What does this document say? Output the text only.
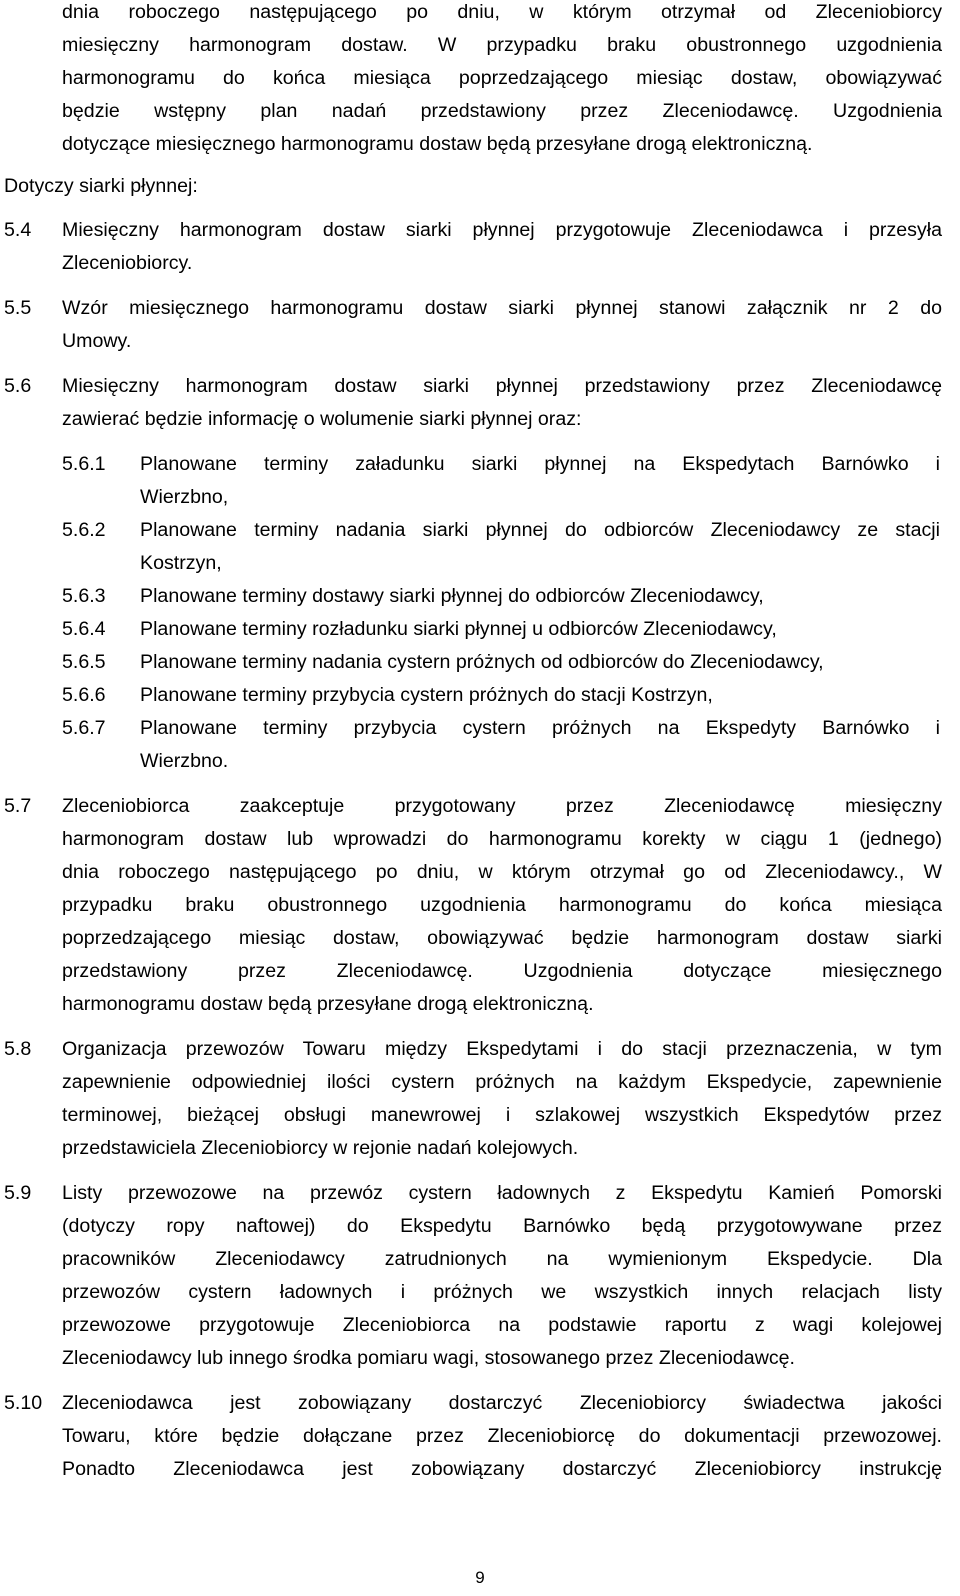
dnia roboczego następującego po dniu, w którym otrzymał od Zleceniobiorcy
miesięczny harmonogram dostaw. W przypadku braku obustronnego uzgodnienia
harmonogramu do końca miesiąca poprzedzającego miesiąc dostaw, obowiązywać
będzie wstępny plan nadań przedstawiony przez Zleceniodawcę. Uzgodnienia
dotyczące miesięcznego harmonogramu dostaw będą przesyłane drogą elektroniczną.
Dotyczy siarki płynnej:
5.4	Miesięczny harmonogram dostaw siarki płynnej przygotowuje Zleceniodawca i przesyła
Zleceniobiorcy.
5.5	Wzór miesięcznego harmonogramu dostaw siarki płynnej stanowi załącznik nr 2 do
Umowy.
5.6	Miesięczny harmonogram dostaw siarki płynnej przedstawiony przez Zleceniodawcę
zawierać będzie informację o wolumenie siarki płynnej oraz:
5.6.1	Planowane terminy załadunku siarki płynnej na Ekspedytach Barnówko i
Wierzbno,
5.6.2	Planowane terminy nadania siarki płynnej do odbiorców Zleceniodawcy ze stacji
Kostrzyn,
5.6.3	Planowane terminy dostawy siarki płynnej do odbiorców Zleceniodawcy,
5.6.4	Planowane terminy rozładunku siarki płynnej u odbiorców Zleceniodawcy,
5.6.5	Planowane terminy nadania cystern próżnych od odbiorców do Zleceniodawcy,
5.6.6	Planowane terminy przybycia cystern próżnych do stacji Kostrzyn,
5.6.7	Planowane terminy przybycia cystern próżnych na Ekspedyty Barnówko i
Wierzbno.
5.7	Zleceniobiorca zaakceptuje przygotowany przez Zleceniodawcę miesięczny
harmonogram dostaw lub wprowadzi do harmonogramu korekty w ciągu 1 (jednego)
dnia roboczego następującego po dniu, w którym otrzymał go od Zleceniodawcy., W
przypadku braku obustronnego uzgodnienia harmonogramu do końca miesiąca
poprzedzającego miesiąc dostaw, obowiązywać będzie harmonogram dostaw siarki
przedstawiony przez Zleceniodawcę. Uzgodnienia dotyczące miesięcznego
harmonogramu dostaw będą przesyłane drogą elektroniczną.
5.8	Organizacja przewozów Towaru między Ekspedytami i do stacji przeznaczenia, w tym
zapewnienie odpowiedniej ilości cystern próżnych na każdym Ekspedycie, zapewnienie
terminowej, bieżącej obsługi manewrowej i szlakowej wszystkich Ekspedytów przez
przedstawiciela Zleceniobiorcy w rejonie nadań kolejowych.
5.9	Listy przewozowe na przewóz cystern ładownych z Ekspedytu Kamień Pomorski
(dotyczy ropy naftowej) do Ekspedytu Barnówko będą przygotowywane przez
pracowników Zleceniodawcy zatrudnionych na wymienionym Ekspedycie. Dla
przewozów cystern ładownych i próżnych we wszystkich innych relacjach listy
przewozowe przygotowuje Zleceniobiorca na podstawie raportu z wagi kolejowej
Zleceniodawcy lub innego środka pomiaru wagi, stosowanego przez Zleceniodawcę.
5.10	Zleceniodawca jest zobowiązany dostarczyć Zleceniobiorcy świadectwa jakości
Towaru, które będzie dołączane przez Zleceniobiorcę do dokumentacji przewozowej.
Ponadto Zleceniodawca jest zobowiązany dostarczyć Zleceniobiorcy instrukcję
9
